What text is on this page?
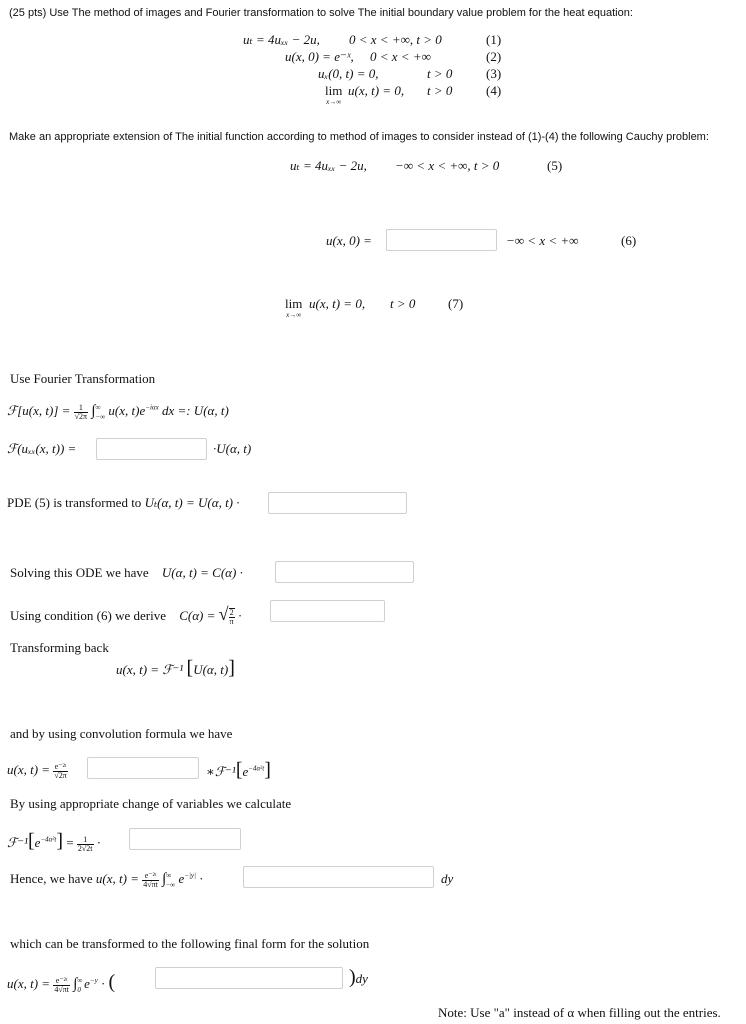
(25 pts) Use The method of images and Fourier transformation to solve The initial boundary value problem for the heat equation:
uₜ = 4uₓₓ − 2u, 0 < x < +∞, t > 0	(1)
u(x, 0) = e⁻ˣ, 0 < x < +∞	(2)
uₓ(0, t) = 0,	t > 0	(3)
lim
x→∞
u(x, t) = 0, t > 0	(4)
Make an appropriate extension of The initial function according to method of images to consider instead of (1)-(4) the following Cauchy problem:
uₜ = 4uₓₓ − 2u, −∞ < x < +∞, t > 0	(5)
u(x, 0) =	−∞ < x < +∞	(6)
lim
x→∞
u(x, t) = 0, t > 0	(7)
Use Fourier Transformation
ℱ[u(x, $t)] = \frac{1}{√2\pi} \int^\infty_{-\infty}$ u(x, $t)e^{-i\alpha x}$ dx =: U(α, t)
ℱ(uₓₓ(x, t)) =	·U(α, t)
PDE (5) is transformed to Uₜ(α, t) = U(α, t) ·
Solving this ODE we have U(α, t) = C(α) ·
Using condition (6) we derive C(α) = √ $\frac{2}{\pi}$ ·
Transforming back
u(x, t) = ℱ⁻¹ [U(α, t)]
and by using convolution formula we have
u(x, $t) = \frac{\text{e⁻²ᵗ}}{√2\pi}$	$∗ℱ^{-1}[e^{-4\alpha^2t}]$
By using appropriate change of variables we calculate
$ℱ^{-1}[e^{-4\alpha^2t}] = \frac{1}{2√2t}$ ·
Hence, we have u(x, $t) = \frac{\text{e⁻²ᵗ}}{4√\pi t} \int^\infty_{-\infty}$ $e^{-|y|}$ ·	dy
which can be transformed to the following final form for the solution
u(x, $t) = \frac{\text{e⁻²ᵗ}}{4√\pi t} \int^\infty_0$ $e^{-y}$ · (	)dy
Note: Use "a" instead of α when filling out the entries.
